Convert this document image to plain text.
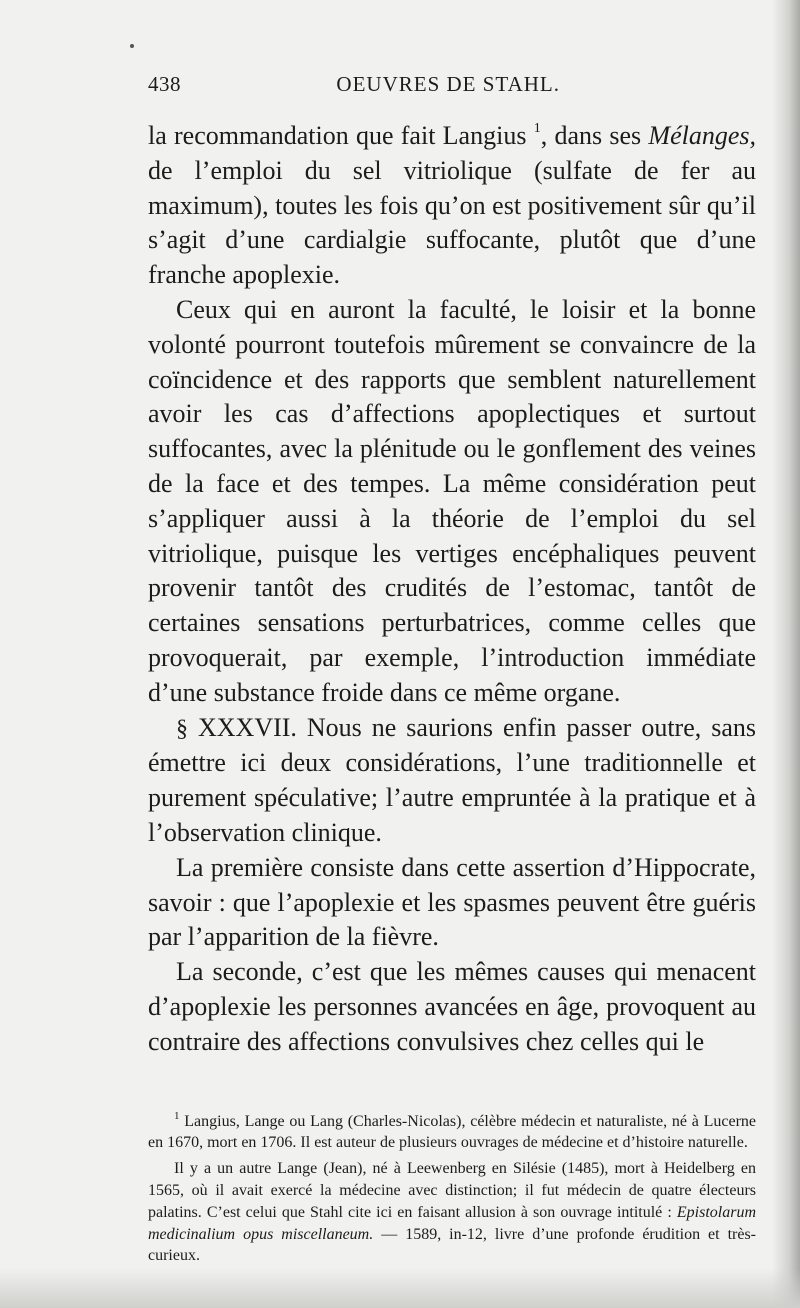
438	OEUVRES DE STAHL.

la recommandation que fait Langius $^1$, dans ses Mélanges, de l’emploi du sel vitriolique (sulfate de fer au maximum), toutes les fois qu’on est positivement sûr qu’il s’agit d’une cardialgie suffocante, plutôt que d’une franche apoplexie.

Ceux qui en auront la faculté, le loisir et la bonne volonté pourront toutefois mûrement se convaincre de la coïncidence et des rapports que semblent naturellement avoir les cas d’affections apoplectiques et surtout suffocantes, avec la plénitude ou le gonflement des veines de la face et des tempes. La même considération peut s’appliquer aussi à la théorie de l’emploi du sel vitriolique, puisque les vertiges encéphaliques peuvent provenir tantôt des crudités de l’estomac, tantôt de certaines sensations perturbatrices, comme celles que provoquerait, par exemple, l’introduction immédiate d’une substance froide dans ce même organe.

§ XXXVII. Nous ne saurions enfin passer outre, sans émettre ici deux considérations, l’une traditionnelle et purement spéculative; l’autre empruntée à la pratique et à l’observation clinique.

La première consiste dans cette assertion d’Hippocrate, savoir : que l’apoplexie et les spasmes peuvent être guéris par l’apparition de la fièvre.

La seconde, c’est que les mêmes causes qui menacent d’apoplexie les personnes avancées en âge, provoquent au contraire des affections convulsives chez celles qui le

$^1$ Langius, Lange ou Lang (Charles-Nicolas), célèbre médecin et naturaliste, né à Lucerne en 1670, mort en 1706. Il est auteur de plusieurs ouvrages de médecine et d’histoire naturelle.

Il y a un autre Lange (Jean), né à Leewenberg en Silésie (1485), mort à Heidelberg en 1565, où il avait exercé la médecine avec distinction; il fut médecin de quatre électeurs palatins. C’est celui que Stahl cite ici en faisant allusion à son ouvrage intitulé : Epistolarum medicinalium opus miscellaneum. — 1589, in-12, livre d’une profonde érudition et très-curieux.
